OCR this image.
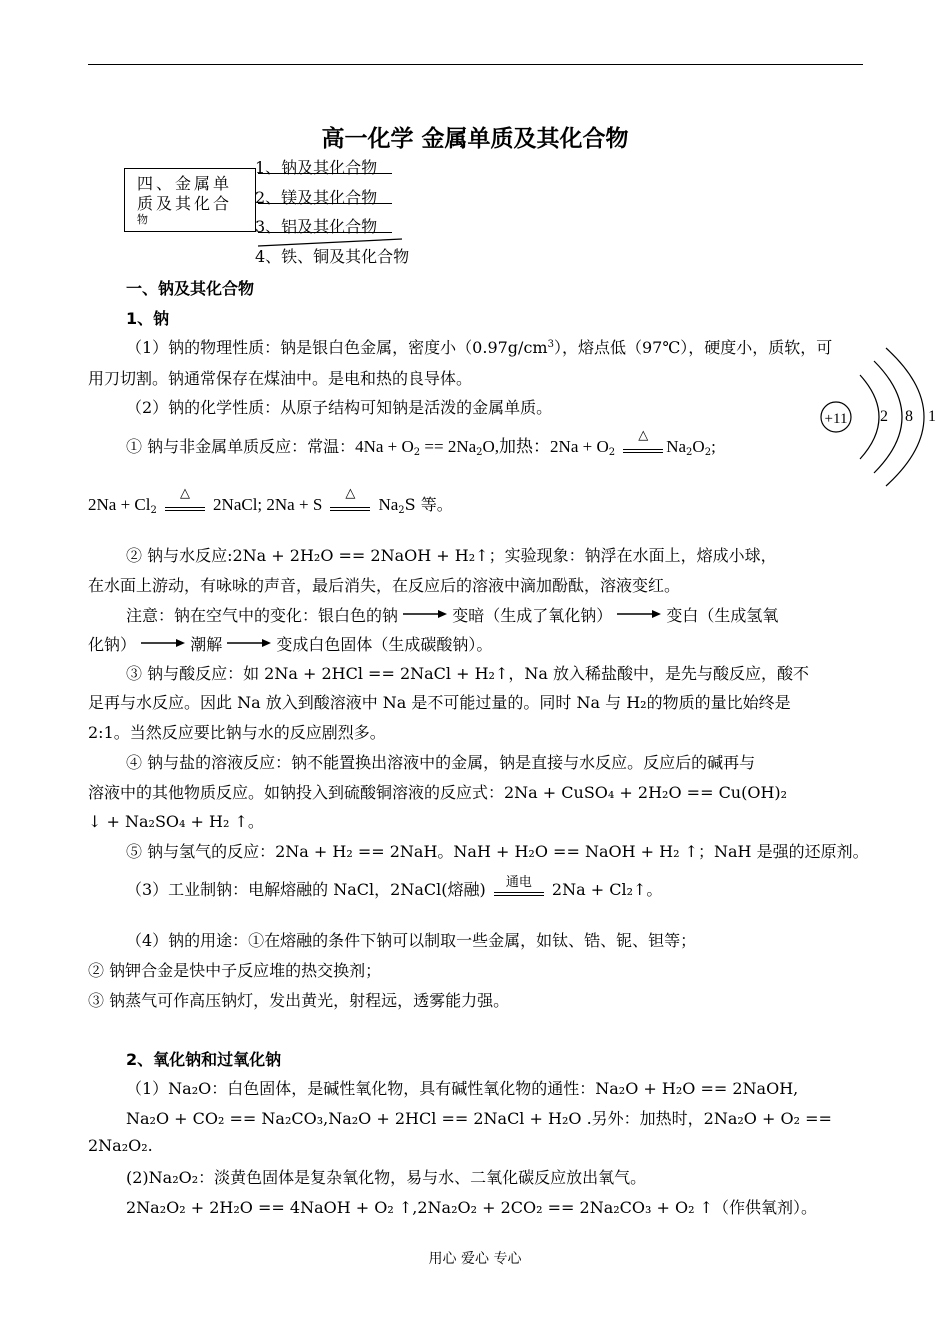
高一化学 金属单质及其化合物
四、金属单
质及其化合
物
1、钠及其化合物
2、镁及其化合物
3、铝及其化合物
4、铁、铜及其化合物
一、钠及其化合物
1、钠
（1）钠的物理性质：钠是银白色金属，密度小$(0.97g/cm^3)$，熔点低（97℃），硬度小，质软，可
用刀切割。钠通常保存在煤油中。是电和热的良导体。
（2）钠的化学性质：从原子结构可知钠是活泼的金属单质。
+11 2 8 1
① 钠与非金属单质反应：常温：$4Na + O_2 == 2Na_2O$,加热：$2Na + O_2$
△
$Na_2O_2$;
$2Na + Cl_2$
△
2NaCl; 2Na + S
△
$Na_2S$ 等。
② 钠与水反应:2Na + 2H₂O == 2NaOH + H₂↑；实验现象：钠浮在水面上，熔成小球，
在水面上游动，有咏咏的声音，最后消失，在反应后的溶液中滴加酚酞，溶液变红。
注意：钠在空气中的变化：银白色的钠	变暗（生成了氧化钠）	变白（生成氢氧
化钠）	潮解	变成白色固体（生成碳酸钠）。
③ 钠与酸反应：如 2Na + 2HCl == 2NaCl + H₂↑，Na 放入稀盐酸中，是先与酸反应，酸不
足再与水反应。因此 Na 放入到酸溶液中 Na 是不可能过量的。同时 Na 与 H₂的物质的量比始终是
2:1。当然反应要比钠与水的反应剧烈多。
④ 钠与盐的溶液反应：钠不能置换出溶液中的金属，钠是直接与水反应。反应后的碱再与
溶液中的其他物质反应。如钠投入到硫酸铜溶液的反应式：2Na + CuSO₄ + 2H₂O == Cu(OH)₂
↓ + Na₂SO₄ + H₂ ↑。
⑤ 钠与氢气的反应：2Na + H₂ == 2NaH。NaH + H₂O == NaOH + H₂ ↑；NaH 是强的还原剂。
（3）工业制钠：电解熔融的 NaCl，2NaCl(熔融)	通电	2Na + Cl₂↑。
（4）钠的用途：①在熔融的条件下钠可以制取一些金属，如钛、锆、铌、钽等；
② 钠钾合金是快中子反应堆的热交换剂；
③ 钠蒸气可作高压钠灯，发出黄光，射程远，透雾能力强。
2、氧化钠和过氧化钠
（1）Na₂O：白色固体，是碱性氧化物，具有碱性氧化物的通性：Na₂O + H₂O == 2NaOH,
Na₂O + CO₂ == Na₂CO₃,Na₂O + 2HCl == 2NaCl + H₂O .另外：加热时，2Na₂O + O₂ ==
2Na₂O₂.
(2)Na₂O₂：淡黄色固体是复杂氧化物，易与水、二氧化碳反应放出氧气。
2Na₂O₂ + 2H₂O == 4NaOH + O₂ ↑,2Na₂O₂ + 2CO₂ == 2Na₂CO₃ + O₂ ↑（作供氧剂）。
用心 爱心 专心
